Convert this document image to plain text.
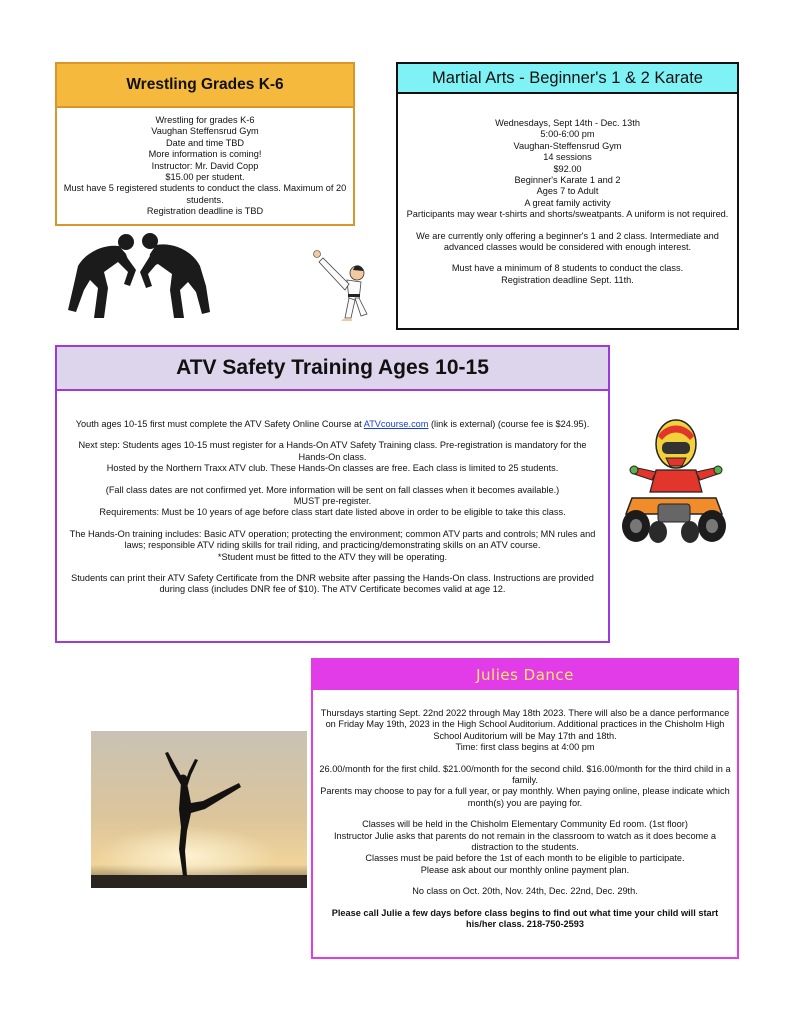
Wrestling Grades K-6

Wrestling for grades K-6

Vaughan Steffensrud Gym

Date and time TBD

More information is coming!

Instructor: Mr. David Copp

$15.00 per student.

Must have 5 registered students to conduct the class. Maximum of 20 students.

Registration deadline is TBD

Martial Arts - Beginner's 1 & 2 Karate

Wednesdays, Sept 14th - Dec. 13th

5:00-6:00 pm

Vaughan-Steffensrud Gym

14 sessions

$92.00

Beginner's Karate 1 and 2

Ages 7 to Adult

A great family activity

Participants may wear t-shirts and shorts/sweatpants. A uniform is not required.

We are currently only offering a beginner's 1 and 2 class. Intermediate and advanced classes would be considered with enough interest.

Must have a minimum of 8 students to conduct the class.

Registration deadline Sept. 11th.

ATV Safety Training Ages 10-15

Youth ages 10-15 first must complete the ATV Safety Online Course at ATVcourse.com (link is external) (course fee is $24.95).

Next step: Students ages 10-15 must register for a Hands-On ATV Safety Training class. Pre-registration is mandatory for the Hands-On class.

Hosted by the Northern Traxx ATV club. These Hands-On classes are free. Each class is limited to 25 students.

(Fall class dates are not confirmed yet. More information will be sent on fall classes when it becomes available.)

MUST pre-register.

Requirements: Must be 10 years of age before class start date listed above in order to be eligible to take this class.

The Hands-On training includes: Basic ATV operation; protecting the environment; common ATV parts and controls; MN rules and laws; responsible ATV riding skills for trail riding, and practicing/demonstrating skills on an ATV course.

*Student must be fitted to the ATV they will be operating.

Students can print their ATV Safety Certificate from the DNR website after passing the Hands-On class. Instructions are provided during class (includes DNR fee of $10). The ATV Certificate becomes valid at age 12.

Julies Dance

Thursdays starting Sept. 22nd 2022 through May 18th 2023. There will also be a dance performance on Friday May 19th, 2023 in the High School Auditorium. Additional practices in the Chisholm High School Auditorium will be May 17th and 18th.

Time: first class begins at 4:00 pm

26.00/month for the first child. $21.00/month for the second child. $16.00/month for the third child in a family.

Parents may choose to pay for a full year, or pay monthly. When paying online, please indicate which month(s) you are paying for.

Classes will be held in the Chisholm Elementary Community Ed room. (1st floor)

Instructor Julie asks that parents do not remain in the classroom to watch as it does become a distraction to the students.

Classes must be paid before the 1st of each month to be eligible to participate.

Please ask about our monthly online payment plan.

No class on Oct. 20th, Nov. 24th, Dec. 22nd, Dec. 29th.

Please call Julie a few days before class begins to find out what time your child will start his/her class. 218-750-2593
